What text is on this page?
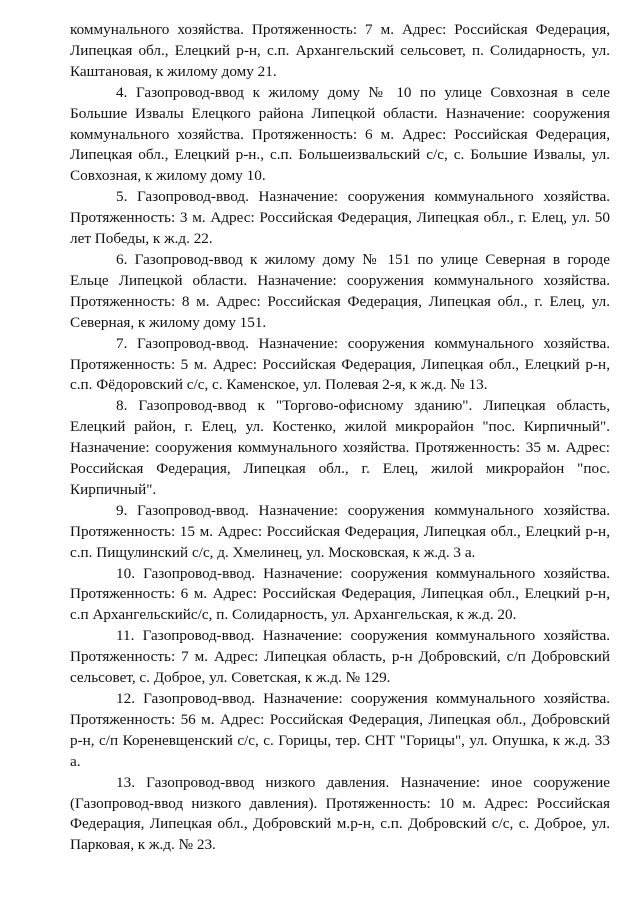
коммунального хозяйства. Протяженность: 7 м. Адрес: Российская Федерация, Липецкая обл., Елецкий р-н, с.п. Архангельский сельсовет, п. Солидарность, ул. Каштановая, к жилому дому 21.

4. Газопровод-ввод к жилому дому № 10 по улице Совхозная в селе Большие Извалы Елецкого района Липецкой области. Назначение: сооружения коммунального хозяйства. Протяженность: 6 м. Адрес: Российская Федерация, Липецкая обл., Елецкий р-н., с.п. Большеизвальский с/с, с. Большие Извалы, ул. Совхозная, к жилому дому 10.

5. Газопровод-ввод. Назначение: сооружения коммунального хозяйства. Протяженность: 3 м. Адрес: Российская Федерация, Липецкая обл., г. Елец, ул. 50 лет Победы, к ж.д. 22.

6. Газопровод-ввод к жилому дому № 151 по улице Северная в городе Ельце Липецкой области. Назначение: сооружения коммунального хозяйства. Протяженность: 8 м. Адрес: Российская Федерация, Липецкая обл., г. Елец, ул. Северная, к жилому дому 151.

7. Газопровод-ввод. Назначение: сооружения коммунального хозяйства. Протяженность: 5 м. Адрес: Российская Федерация, Липецкая обл., Елецкий р-н, с.п. Фёдоровский с/с, с. Каменское, ул. Полевая 2-я, к ж.д. № 13.

8. Газопровод-ввод к "Торгово-офисному зданию". Липецкая область, Елецкий район, г. Елец, ул. Костенко, жилой микрорайон "пос. Кирпичный". Назначение: сооружения коммунального хозяйства. Протяженность: 35 м. Адрес: Российская Федерация, Липецкая обл., г. Елец, жилой микрорайон "пос. Кирпичный".

9. Газопровод-ввод. Назначение: сооружения коммунального хозяйства. Протяженность: 15 м. Адрес: Российская Федерация, Липецкая обл., Елецкий р-н, с.п. Пищулинский с/с, д. Хмелинец, ул. Московская, к ж.д. 3 а.

10. Газопровод-ввод. Назначение: сооружения коммунального хозяйства. Протяженность: 6 м. Адрес: Российская Федерация, Липецкая обл., Елецкий р-н, с.п Архангельскийс/с, п. Солидарность, ул. Архангельская, к ж.д. 20.

11. Газопровод-ввод. Назначение: сооружения коммунального хозяйства. Протяженность: 7 м. Адрес: Липецкая область, р-н Добровский, с/п Добровский сельсовет, с. Доброе, ул. Советская, к ж.д. № 129.

12. Газопровод-ввод. Назначение: сооружения коммунального хозяйства. Протяженность: 56 м. Адрес: Российская Федерация, Липецкая обл., Добровский р-н, с/п Кореневщенский с/с, с. Горицы, тер. СНТ "Горицы", ул. Опушка, к ж.д. 33 а.

13. Газопровод-ввод низкого давления. Назначение: иное сооружение (Газопровод-ввод низкого давления). Протяженность: 10 м. Адрес: Российская Федерация, Липецкая обл., Добровский м.р-н, с.п. Добровский с/с, с. Доброе, ул. Парковая, к ж.д. № 23.
